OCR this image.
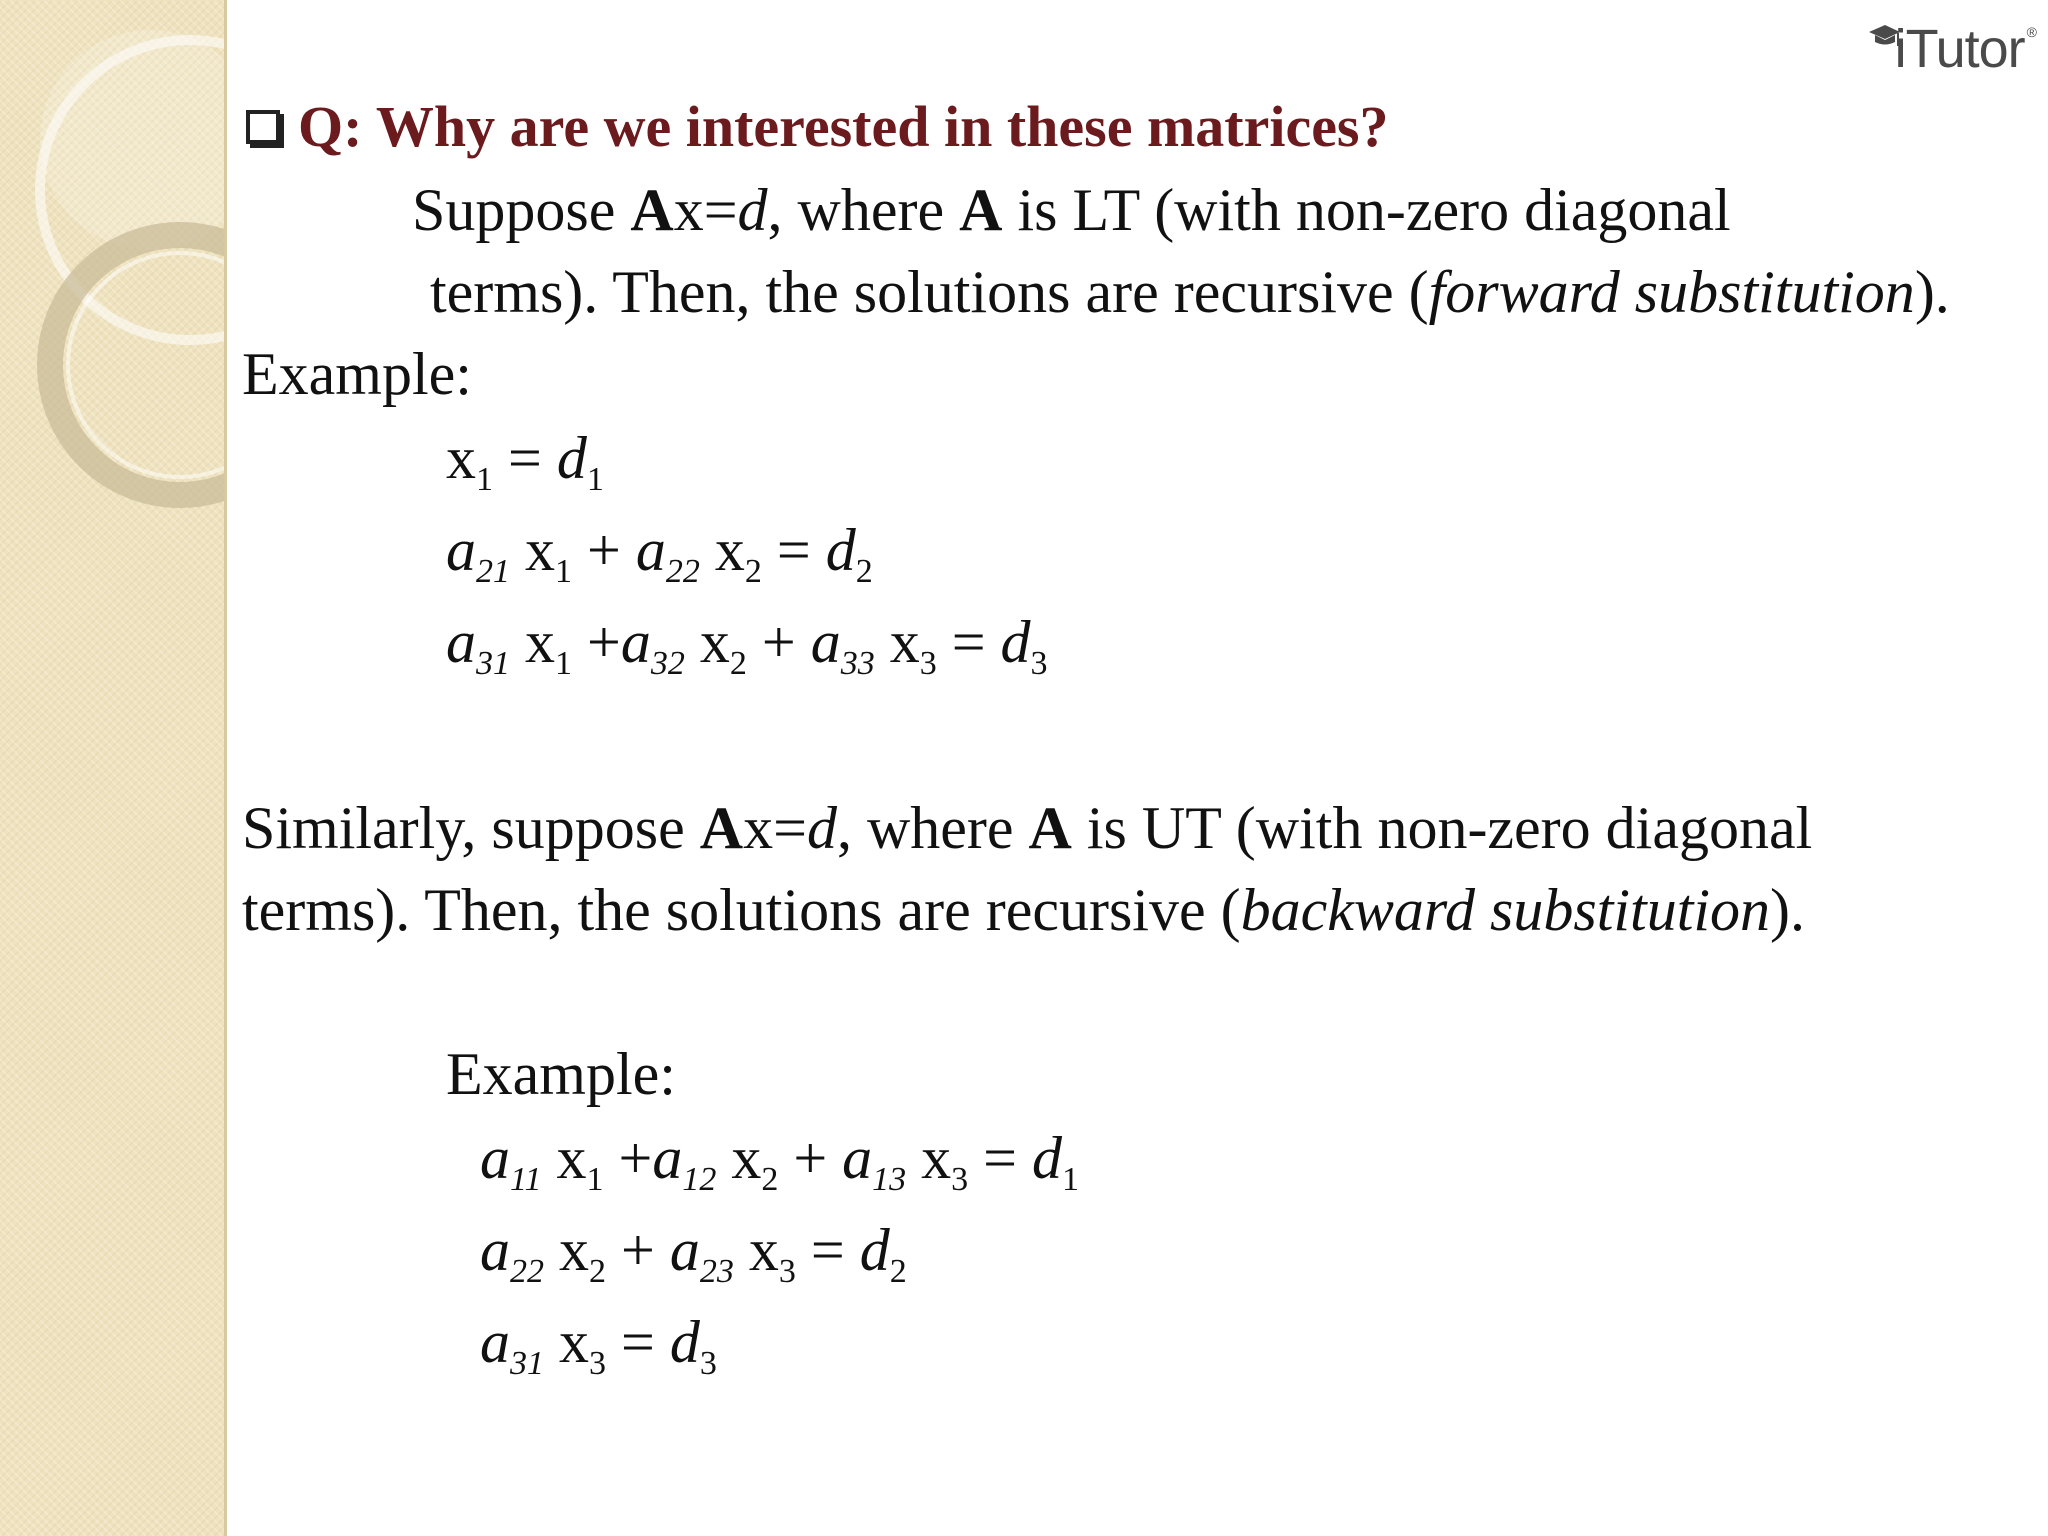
iTutor ®
Q: Why are we interested in these matrices?
Suppose Ax=d, where A is LT (with non-zero diagonal
terms). Then, the solutions are recursive (forward substitution).
Example:
$x_1 = d_1$
$a_{21}$ $x_1 + a_{22}$ $x_2 = d_2$
$a_{31}$ $x_1 +a_{32}$ $x_2 + a_{33}$ $x_3 = d_3$
Similarly, suppose Ax=d, where A is UT (with non-zero diagonal
terms). Then, the solutions are recursive (backward substitution).
Example:
$a_{11}$ $x_1 +a_{12}$ $x_2 + a_{13}$ $x_3 = d_1$
$a_{22}$ $x_2 + a_{23}$ $x_3 = d_2$
$a_{31}$ $x_3 = d_3$
